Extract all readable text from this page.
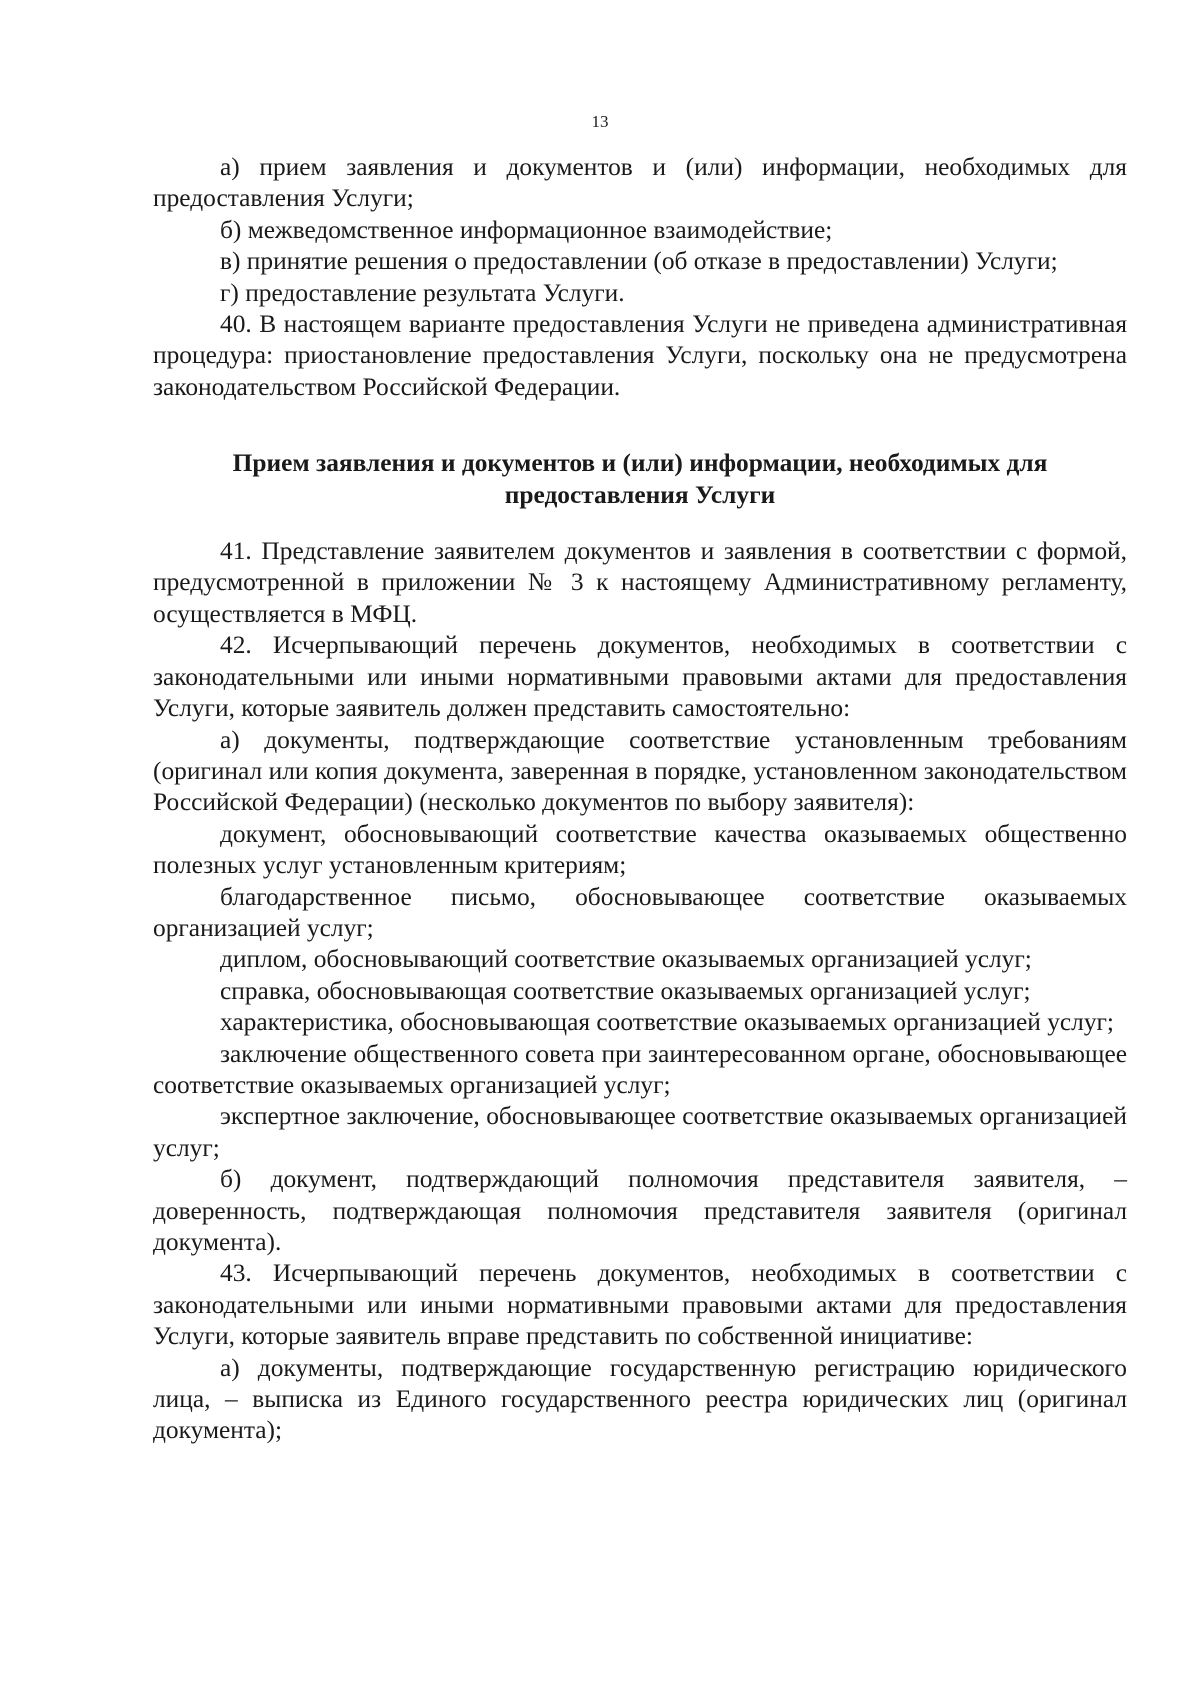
13

а) прием заявления и документов и (или) информации, необходимых для предоставления Услуги;

б) межведомственное информационное взаимодействие;

в) принятие решения о предоставлении (об отказе в предоставлении) Услуги;

г) предоставление результата Услуги.

40. В настоящем варианте предоставления Услуги не приведена административная процедура: приостановление предоставления Услуги, поскольку она не предусмотрена законодательством Российской Федерации.

Прием заявления и документов и (или) информации, необходимых для
предоставления Услуги

41. Представление заявителем документов и заявления в соответствии с формой, предусмотренной в приложении № 3 к настоящему Административному регламенту, осуществляется в МФЦ.

42. Исчерпывающий перечень документов, необходимых в соответствии с законодательными или иными нормативными правовыми актами для предоставления Услуги, которые заявитель должен представить самостоятельно:

а) документы, подтверждающие соответствие установленным требованиям (оригинал или копия документа, заверенная в порядке, установленном законодательством Российской Федерации) (несколько документов по выбору заявителя):

документ, обосновывающий соответствие качества оказываемых общественно полезных услуг установленным критериям;

благодарственное письмо, обосновывающее соответствие оказываемых организацией услуг;

диплом, обосновывающий соответствие оказываемых организацией услуг;

справка, обосновывающая соответствие оказываемых организацией услуг;

характеристика, обосновывающая соответствие оказываемых организацией услуг;

заключение общественного совета при заинтересованном органе, обосновывающее соответствие оказываемых организацией услуг;

экспертное заключение, обосновывающее соответствие оказываемых организацией услуг;

б) документ, подтверждающий полномочия представителя заявителя, – доверенность, подтверждающая полномочия представителя заявителя (оригинал документа).

43. Исчерпывающий перечень документов, необходимых в соответствии с законодательными или иными нормативными правовыми актами для предоставления Услуги, которые заявитель вправе представить по собственной инициативе:

а) документы, подтверждающие государственную регистрацию юридического лица, – выписка из Единого государственного реестра юридических лиц (оригинал документа);
